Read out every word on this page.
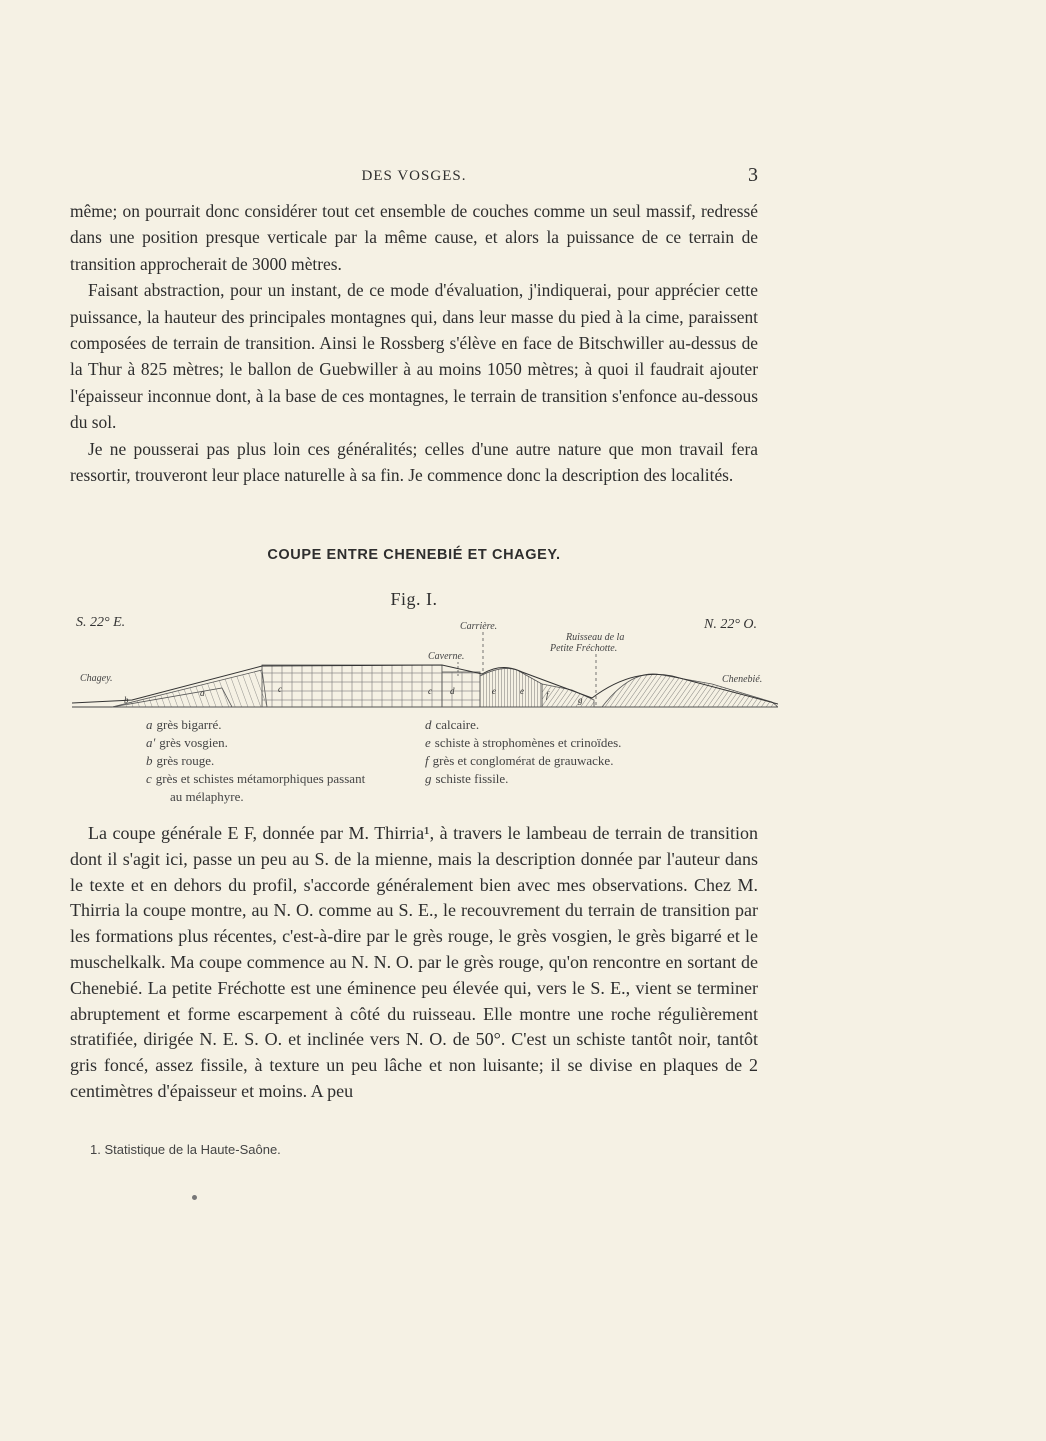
DES VOSGES.	3

même; on pourrait donc considérer tout cet ensemble de couches comme un seul massif, redressé dans une position presque verticale par la même cause, et alors la puissance de ce terrain de transition approcherait de 3000 mètres.

Faisant abstraction, pour un instant, de ce mode d'évaluation, j'indiquerai, pour apprécier cette puissance, la hauteur des principales montagnes qui, dans leur masse du pied à la cime, paraissent composées de terrain de transition. Ainsi le Rossberg s'élève en face de Bitschwiller au-dessus de la Thur à 825 mètres; le ballon de Guebwiller à au moins 1050 mètres; à quoi il faudrait ajouter l'épaisseur inconnue dont, à la base de ces montagnes, le terrain de transition s'enfonce au-dessous du sol.

Je ne pousserai pas plus loin ces généralités; celles d'une autre nature que mon travail fera ressortir, trouveront leur place naturelle à sa fin. Je commence donc la description des localités.

COUPE ENTRE CHENEBIÉ ET CHAGEY.
Fig. I.
S. 22° E.	N. 22° O.
Chagey.	Chenebié.
Carrière.
Caverne.
Ruisseau de la
Petite Fréchotte.
a
b
c	c d	e	e f	g
a grès bigarré.
a' grès vosgien.
b grès rouge.
c grès et schistes métamorphiques passant
au mélaphyre.
d calcaire.
e schiste à strophomènes et crinoïdes.
f grès et conglomérat de grauwacke.
g schiste fissile.

La coupe générale E F, donnée par M. Thirria¹, à travers le lambeau de terrain de transition dont il s'agit ici, passe un peu au S. de la mienne, mais la description donnée par l'auteur dans le texte et en dehors du profil, s'accorde généralement bien avec mes observations. Chez M. Thirria la coupe montre, au N. O. comme au S. E., le recouvrement du terrain de transition par les formations plus récentes, c'est-à-dire par le grès rouge, le grès vosgien, le grès bigarré et le muschelkalk. Ma coupe commence au N. N. O. par le grès rouge, qu'on rencontre en sortant de Chenebié. La petite Fréchotte est une éminence peu élevée qui, vers le S. E., vient se terminer abruptement et forme escarpement à côté du ruisseau. Elle montre une roche régulièrement stratifiée, dirigée N. E. S. O. et inclinée vers N. O. de 50°. C'est un schiste tantôt noir, tantôt gris foncé, assez fissile, à texture un peu lâche et non luisante; il se divise en plaques de 2 centimètres d'épaisseur et moins. A peu

1. Statistique de la Haute-Saône.
